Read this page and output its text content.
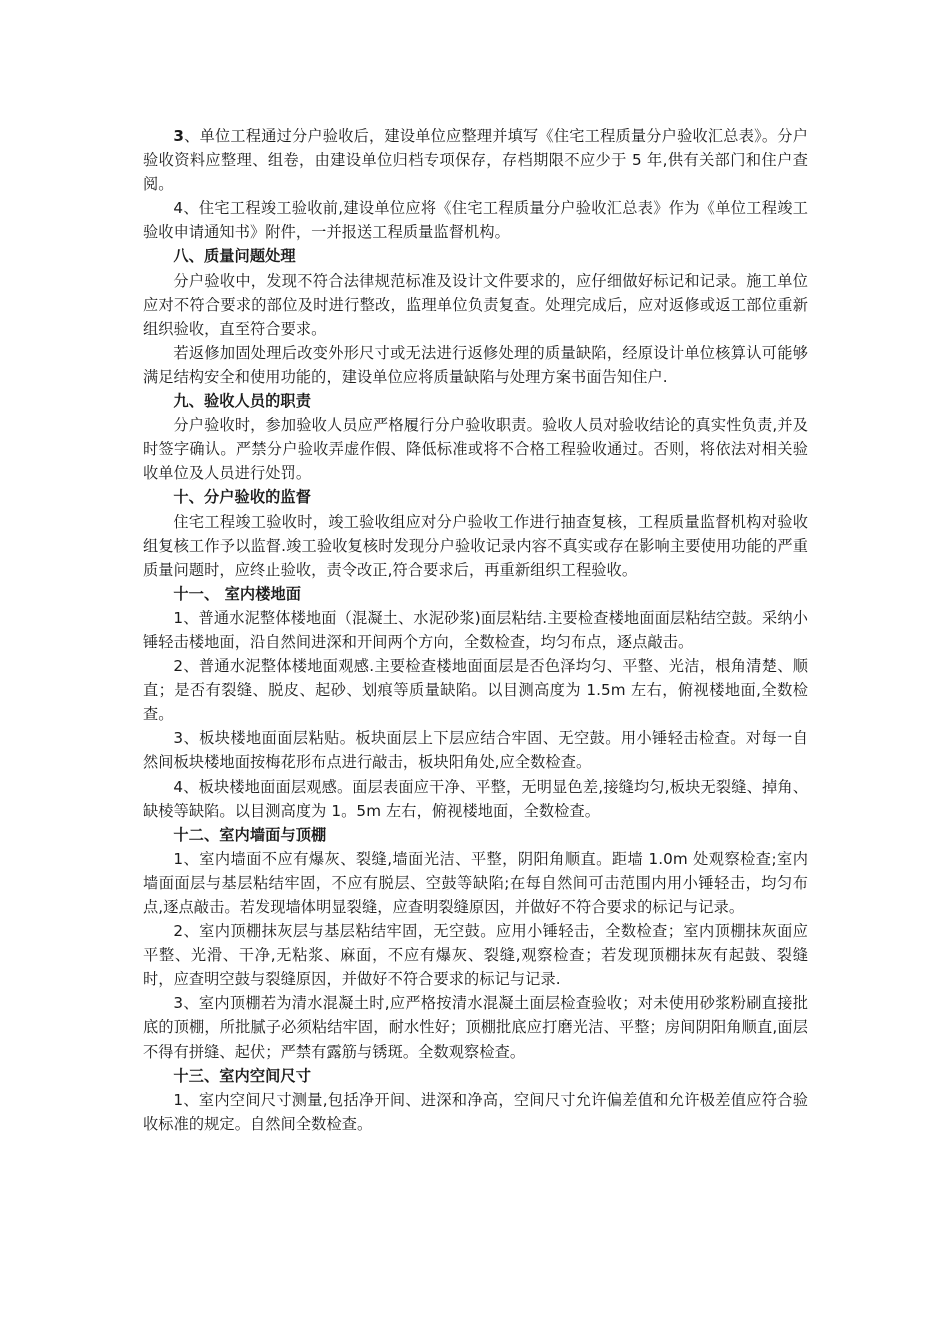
3、单位工程通过分户验收后，建设单位应整理并填写《住宅工程质量分户验收汇总表》。分户验收资料应整理、组卷，由建设单位归档专项保存，存档期限不应少于 5 年,供有关部门和住户查阅。

4、住宅工程竣工验收前,建设单位应将《住宅工程质量分户验收汇总表》作为《单位工程竣工验收申请通知书》附件，一并报送工程质量监督机构。

八、质量问题处理

分户验收中，发现不符合法律规范标准及设计文件要求的，应仔细做好标记和记录。施工单位应对不符合要求的部位及时进行整改，监理单位负责复查。处理完成后，应对返修或返工部位重新组织验收，直至符合要求。

若返修加固处理后改变外形尺寸或无法进行返修处理的质量缺陷，经原设计单位核算认可能够满足结构安全和使用功能的，建设单位应将质量缺陷与处理方案书面告知住户.

九、验收人员的职责

分户验收时，参加验收人员应严格履行分户验收职责。验收人员对验收结论的真实性负责,并及时签字确认。严禁分户验收弄虚作假、降低标准或将不合格工程验收通过。否则，将依法对相关验收单位及人员进行处罚。

十、分户验收的监督

住宅工程竣工验收时，竣工验收组应对分户验收工作进行抽查复核，工程质量监督机构对验收组复核工作予以监督.竣工验收复核时发现分户验收记录内容不真实或存在影响主要使用功能的严重质量问题时，应终止验收，责令改正,符合要求后，再重新组织工程验收。

十一、 室内楼地面

1、普通水泥整体楼地面（混凝土、水泥砂浆)面层粘结.主要检查楼地面面层粘结空鼓。采纳小锤轻击楼地面，沿自然间进深和开间两个方向，全数检查，均匀布点，逐点敲击。

2、普通水泥整体楼地面观感.主要检查楼地面面层是否色泽均匀、平整、光洁，根角清楚、顺直；是否有裂缝、脱皮、起砂、划痕等质量缺陷。以目测高度为 1.5m 左右，俯视楼地面,全数检查。

3、板块楼地面面层粘贴。板块面层上下层应结合牢固、无空鼓。用小锤轻击检查。对每一自然间板块楼地面按梅花形布点进行敲击，板块阳角处,应全数检查。

4、板块楼地面面层观感。面层表面应干净、平整，无明显色差,接缝均匀,板块无裂缝、掉角、缺棱等缺陷。以目测高度为 1。5m 左右，俯视楼地面，全数检查。

十二、室内墙面与顶棚

1、室内墙面不应有爆灰、裂缝,墙面光洁、平整，阴阳角顺直。距墙 1.0m 处观察检查;室内墙面面层与基层粘结牢固，不应有脱层、空鼓等缺陷;在每自然间可击范围内用小锤轻击，均匀布点,逐点敲击。若发现墙体明显裂缝，应查明裂缝原因，并做好不符合要求的标记与记录。

2、室内顶棚抹灰层与基层粘结牢固，无空鼓。应用小锤轻击，全数检查；室内顶棚抹灰面应平整、光滑、干净,无粘浆、麻面，不应有爆灰、裂缝,观察检查；若发现顶棚抹灰有起鼓、裂缝时，应查明空鼓与裂缝原因，并做好不符合要求的标记与记录.

3、室内顶棚若为清水混凝土时,应严格按清水混凝土面层检查验收；对未使用砂浆粉刷直接批底的顶棚，所批腻子必须粘结牢固，耐水性好；顶棚批底应打磨光洁、平整；房间阴阳角顺直,面层不得有拼缝、起伏；严禁有露筋与锈斑。全数观察检查。

十三、室内空间尺寸

1、室内空间尺寸测量,包括净开间、进深和净高，空间尺寸允许偏差值和允许极差值应符合验收标准的规定。自然间全数检查。
